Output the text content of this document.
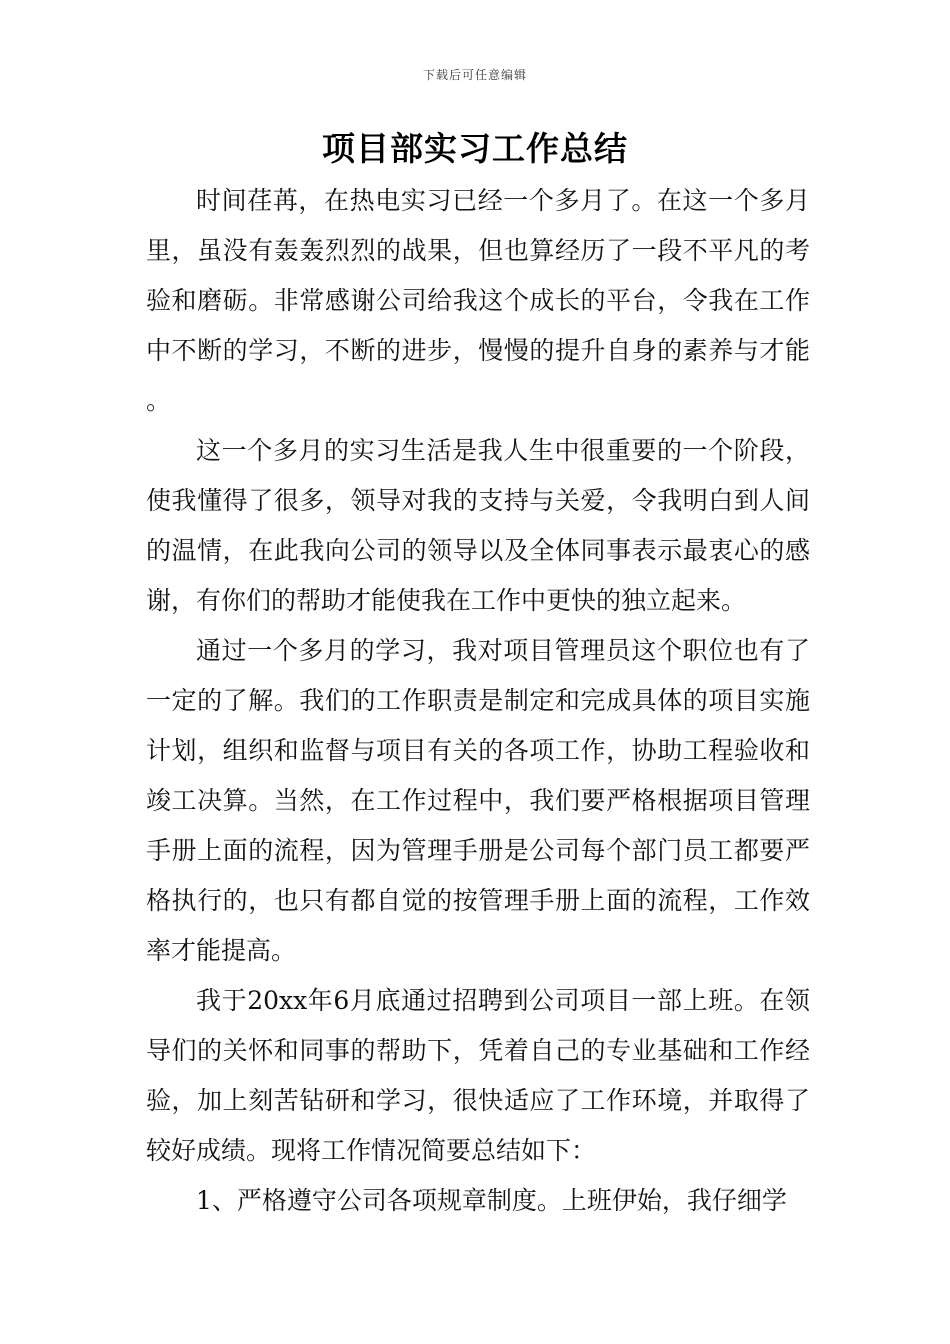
下载后可任意编辑
项目部实习工作总结

时间荏苒，在热电实习已经一个多月了。在这一个多月里，虽没有轰轰烈烈的战果，但也算经历了一段不平凡的考验和磨砺。非常感谢公司给我这个成长的平台，令我在工作中不断的学习，不断的进步，慢慢的提升自身的素养与才能。

这一个多月的实习生活是我人生中很重要的一个阶段，使我懂得了很多，领导对我的支持与关爱，令我明白到人间的温情，在此我向公司的领导以及全体同事表示最衷心的感谢，有你们的帮助才能使我在工作中更快的独立起来。

通过一个多月的学习，我对项目管理员这个职位也有了一定的了解。我们的工作职责是制定和完成具体的项目实施计划，组织和监督与项目有关的各项工作，协助工程验收和竣工决算。当然，在工作过程中，我们要严格根据项目管理手册上面的流程，因为管理手册是公司每个部门员工都要严格执行的，也只有都自觉的按管理手册上面的流程，工作效率才能提高。

我于20xx年6月底通过招聘到公司项目一部上班。在领导们的关怀和同事的帮助下，凭着自己的专业基础和工作经验，加上刻苦钻研和学习，很快适应了工作环境，并取得了较好成绩。现将工作情况简要总结如下：

1、严格遵守公司各项规章制度。上班伊始，我仔细学
